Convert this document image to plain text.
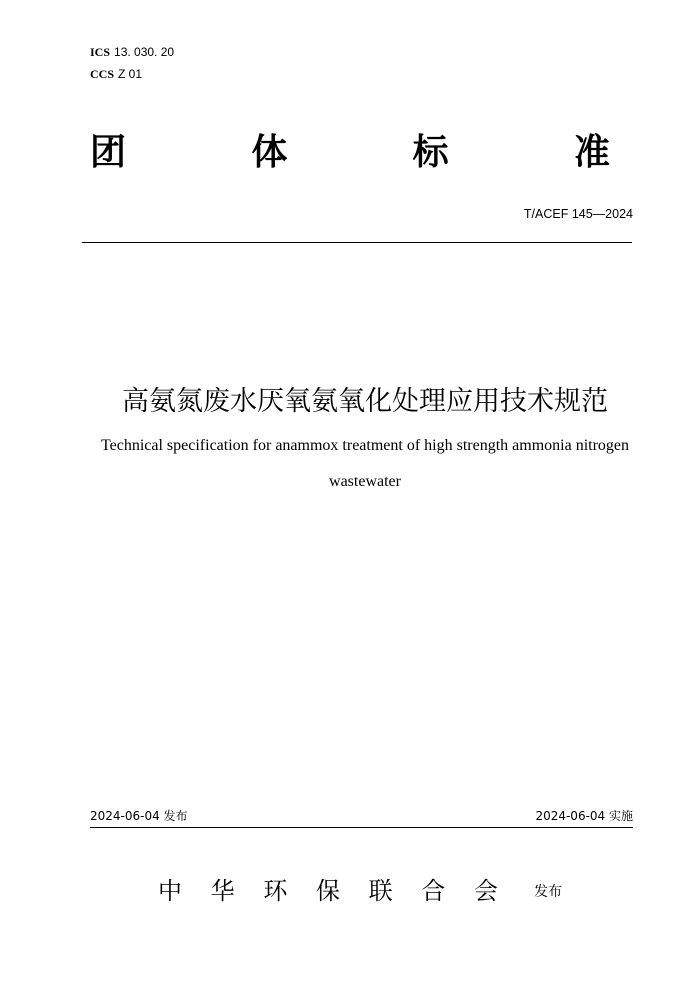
ICS 13. 030. 20
CCS Z 01
团	体	标	准
T/ACEF 145—2024
高氨氮废水厌氧氨氧化处理应用技术规范
Technical specification for anammox treatment of high strength ammonia nitrogen
wastewater
2024-06-04 发布	2024-06-04 实施
中 华 环 保 联 合 会	发布
